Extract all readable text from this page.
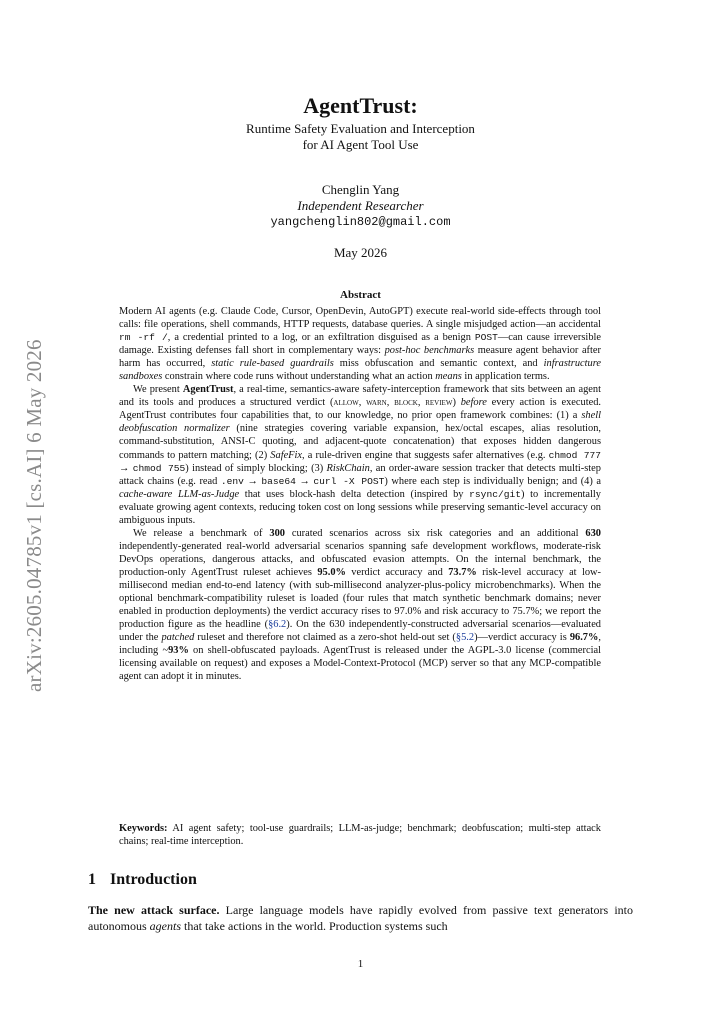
arXiv:2605.04785v1 [cs.AI] 6 May 2026
AgentTrust:
Runtime Safety Evaluation and Interception
for AI Agent Tool Use
Chenglin Yang
Independent Researcher
yangchenglin802@gmail.com
May 2026
Abstract

Modern AI agents (e.g. Claude Code, Cursor, OpenDevin, AutoGPT) execute real-world side-effects through tool calls: file operations, shell commands, HTTP requests, database queries. A single misjudged action—an accidental rm -rf /, a credential printed to a log, or an exfiltration disguised as a benign POST—can cause irreversible damage. Existing defenses fall short in complementary ways: post-hoc benchmarks measure agent behavior after harm has occurred, static rule-based guardrails miss obfuscation and semantic context, and infrastructure sandboxes constrain where code runs without understanding what an action means in application terms.

We present AgentTrust, a real-time, semantics-aware safety-interception framework that sits between an agent and its tools and produces a structured verdict (allow, warn, block, review) before every action is executed. AgentTrust contributes four capabilities that, to our knowledge, no prior open framework combines: (1) a shell deobfuscation normalizer (nine strategies covering variable expansion, hex/octal escapes, alias resolution, command-substitution, ANSI-C quoting, and adjacent-quote concatenation) that exposes hidden dangerous commands to pattern matching; (2) SafeFix, a rule-driven engine that suggests safer alternatives (e.g. chmod 777 → chmod 755) instead of simply blocking; (3) RiskChain, an order-aware session tracker that detects multi-step attack chains (e.g. read .env → base64 → curl -X POST) where each step is individually benign; and (4) a cache-aware LLM-as-Judge that uses block-hash delta detection (inspired by rsync/git) to incrementally evaluate growing agent contexts, reducing token cost on long sessions while preserving semantic-level accuracy on ambiguous inputs.

We release a benchmark of 300 curated scenarios across six risk categories and an additional 630 independently-generated real-world adversarial scenarios spanning safe development workflows, moderate-risk DevOps operations, dangerous attacks, and obfuscated evasion attempts. On the internal benchmark, the production-only AgentTrust ruleset achieves 95.0% verdict accuracy and 73.7% risk-level accuracy at low-millisecond median end-to-end latency (with sub-millisecond analyzer-plus-policy microbenchmarks). When the optional benchmark-compatibility ruleset is loaded (four rules that match synthetic benchmark domains; never enabled in production deployments) the verdict accuracy rises to 97.0% and risk accuracy to 75.7%; we report the production figure as the headline (§6.2). On the 630 independently-constructed adversarial scenarios—evaluated under the patched ruleset and therefore not claimed as a zero-shot held-out set (§5.2)—verdict accuracy is 96.7%, including ~93% on shell-obfuscated payloads. AgentTrust is released under the AGPL-3.0 license (commercial licensing available on request) and exposes a Model-Context-Protocol (MCP) server so that any MCP-compatible agent can adopt it in minutes.

Keywords: AI agent safety; tool-use guardrails; LLM-as-judge; benchmark; deobfuscation; multi-step attack chains; real-time interception.
1 Introduction
The new attack surface. Large language models have rapidly evolved from passive text generators into autonomous agents that take actions in the world. Production systems such
1
